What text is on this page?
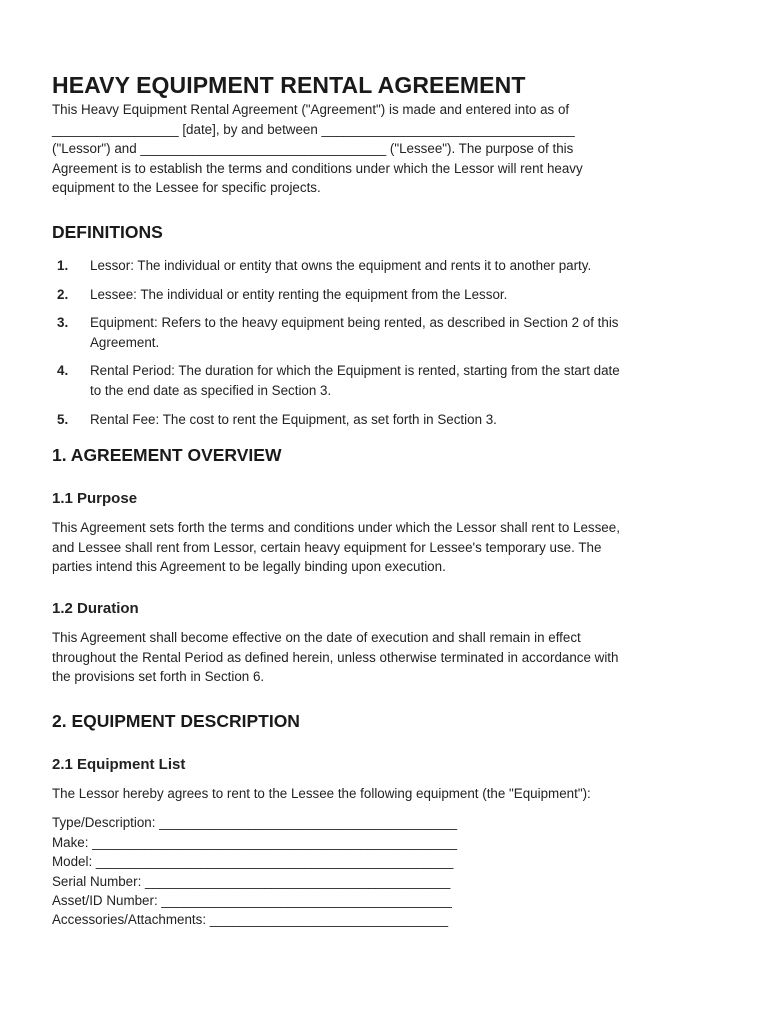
HEAVY EQUIPMENT RENTAL AGREEMENT

This Heavy Equipment Rental Agreement ("Agreement") is made and entered into as of
_________________ [date], by and between __________________________________
("Lessor") and _________________________________ ("Lessee"). The purpose of this
Agreement is to establish the terms and conditions under which the Lessor will rent heavy
equipment to the Lessee for specific projects.

DEFINITIONS
1. Lessor: The individual or entity that owns the equipment and rents it to another party.
2. Lessee: The individual or entity renting the equipment from the Lessor.
3. Equipment: Refers to the heavy equipment being rented, as described in Section 2 of this
Agreement.
4. Rental Period: The duration for which the Equipment is rented, starting from the start date
to the end date as specified in Section 3.
5. Rental Fee: The cost to rent the Equipment, as set forth in Section 3.
1. AGREEMENT OVERVIEW
1.1 Purpose

This Agreement sets forth the terms and conditions under which the Lessor shall rent to Lessee,
and Lessee shall rent from Lessor, certain heavy equipment for Lessee's temporary use. The
parties intend this Agreement to be legally binding upon execution.

1.2 Duration

This Agreement shall become effective on the date of execution and shall remain in effect
throughout the Rental Period as defined herein, unless otherwise terminated in accordance with
the provisions set forth in Section 6.

2. EQUIPMENT DESCRIPTION
2.1 Equipment List

The Lessor hereby agrees to rent to the Lessee the following equipment (the "Equipment"):

Type/Description: ________________________________________
Make: _________________________________________________
Model: ________________________________________________
Serial Number: _________________________________________
Asset/ID Number: _______________________________________
Accessories/Attachments: ________________________________
